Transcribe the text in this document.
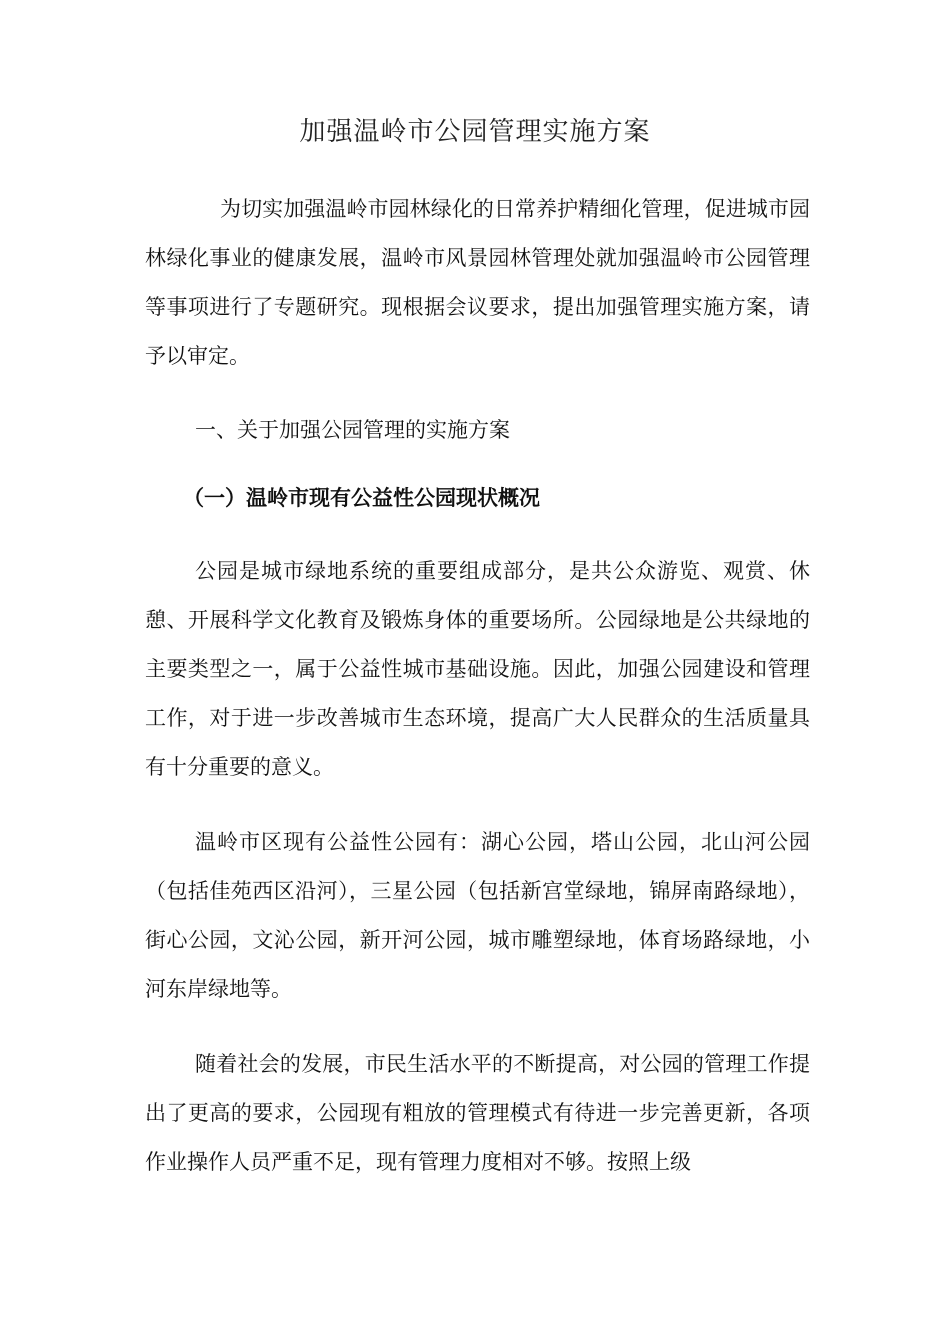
加强温岭市公园管理实施方案

为切实加强温岭市园林绿化的日常养护精细化管理，促进城市园林绿化事业的健康发展，温岭市风景园林管理处就加强温岭市公园管理等事项进行了专题研究。现根据会议要求，提出加强管理实施方案，请予以审定。

一、关于加强公园管理的实施方案

（一）温岭市现有公益性公园现状概况

公园是城市绿地系统的重要组成部分，是共公众游览、观赏、休憩、开展科学文化教育及锻炼身体的重要场所。公园绿地是公共绿地的主要类型之一，属于公益性城市基础设施。因此，加强公园建设和管理工作，对于进一步改善城市生态环境，提高广大人民群众的生活质量具有十分重要的意义。

温岭市区现有公益性公园有：湖心公园，塔山公园，北山河公园（包括佳苑西区沿河），三星公园（包括新宫堂绿地，锦屏南路绿地），街心公园，文沁公园，新开河公园，城市雕塑绿地，体育场路绿地，小河东岸绿地等。

随着社会的发展，市民生活水平的不断提高，对公园的管理工作提出了更高的要求，公园现有粗放的管理模式有待进一步完善更新，各项作业操作人员严重不足，现有管理力度相对不够。按照上级
